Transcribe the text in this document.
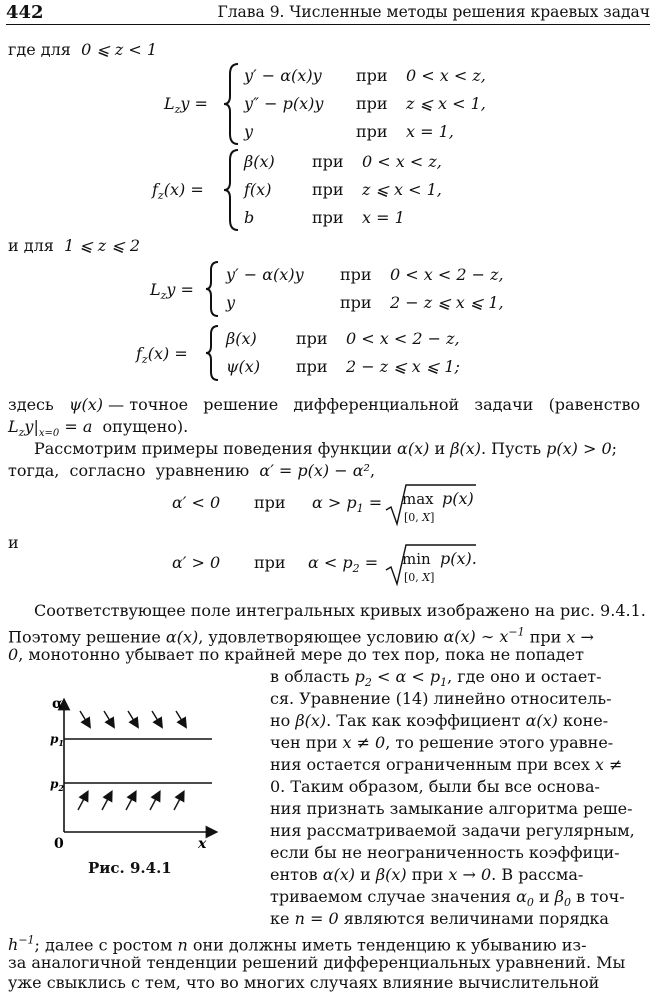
442	Глава 9. Численные методы решения краевых задач
где для  0 ⩽ z < 1
$L_zy$ =
y′ − α(x)y при 0 < x < z,
y″ − p(x)y при z ⩽ x < 1,
y	при x = 1,
$f_z(x)$ =
β(x) при 0 < x < z,
f(x)	при z ⩽ x < 1,
b	при x = 1
и для  1 ⩽ z ⩽ 2
$L_zy$ =
y′ − α(x)y при 0 < x < 2 − z,
y	при 2 − z ⩽ x ⩽ 1,
$f_z(x)$ =
β(x) при 0 < x < 2 − z,
ψ(x) при 2 − z ⩽ x ⩽ 1;
здесь ψ(x) — точное   решение   дифференциальной   задачи   (равенство
$L_zy|_{x=0} = a$ опущено).
Рассмотрим примеры поведения функции α(x) и β(x). Пусть p(x) > 0;
тогда,  согласно  уравнению  α′ = p(x) − α²,
α′ < 0 при $\alpha > p_1 = \max p(x)$
[0, X]
и
α′ > 0 при $\alpha < p_2 = \min p(x)$.
[0, X]
Соответствующее поле интегральных кривых изображено на рис. 9.4.1.
Поэтому решение α(x), удовлетворяющее условию α(x) ∼ $x^{-1}$ при x →
0, монотонно убывает по крайней мере до тех пор, пока не попадет
в область $p_2 < \alpha < p_1$, где оно и остает-
ся. Уравнение (14) линейно относитель-
но β(x). Так как коэффициент α(x) коне-
чен при x ≠ 0, то решение этого уравне-
ния остается ограниченным при всех x ≠
0. Таким образом, были бы все основа-
ния признать замыкание алгоритма реше-
ния рассматриваемой задачи регулярным,
если бы не неограниченность коэффици-
ентов α(x) и β(x) при x → 0. В рассма-
триваемом случае значения $\alpha_0$ и $\beta_0$ в точ-
ке n = 0 являются величинами порядка
$h^{-1}$; далее с ростом n они должны иметь тенденцию к убыванию из-
за аналогичной тенденции решений дифференциальных уравнений. Мы
уже свыклись с тем, что во многих случаях влияние вычислительной
α
$p_1$
$p_2$
0	x
Рис. 9.4.1
